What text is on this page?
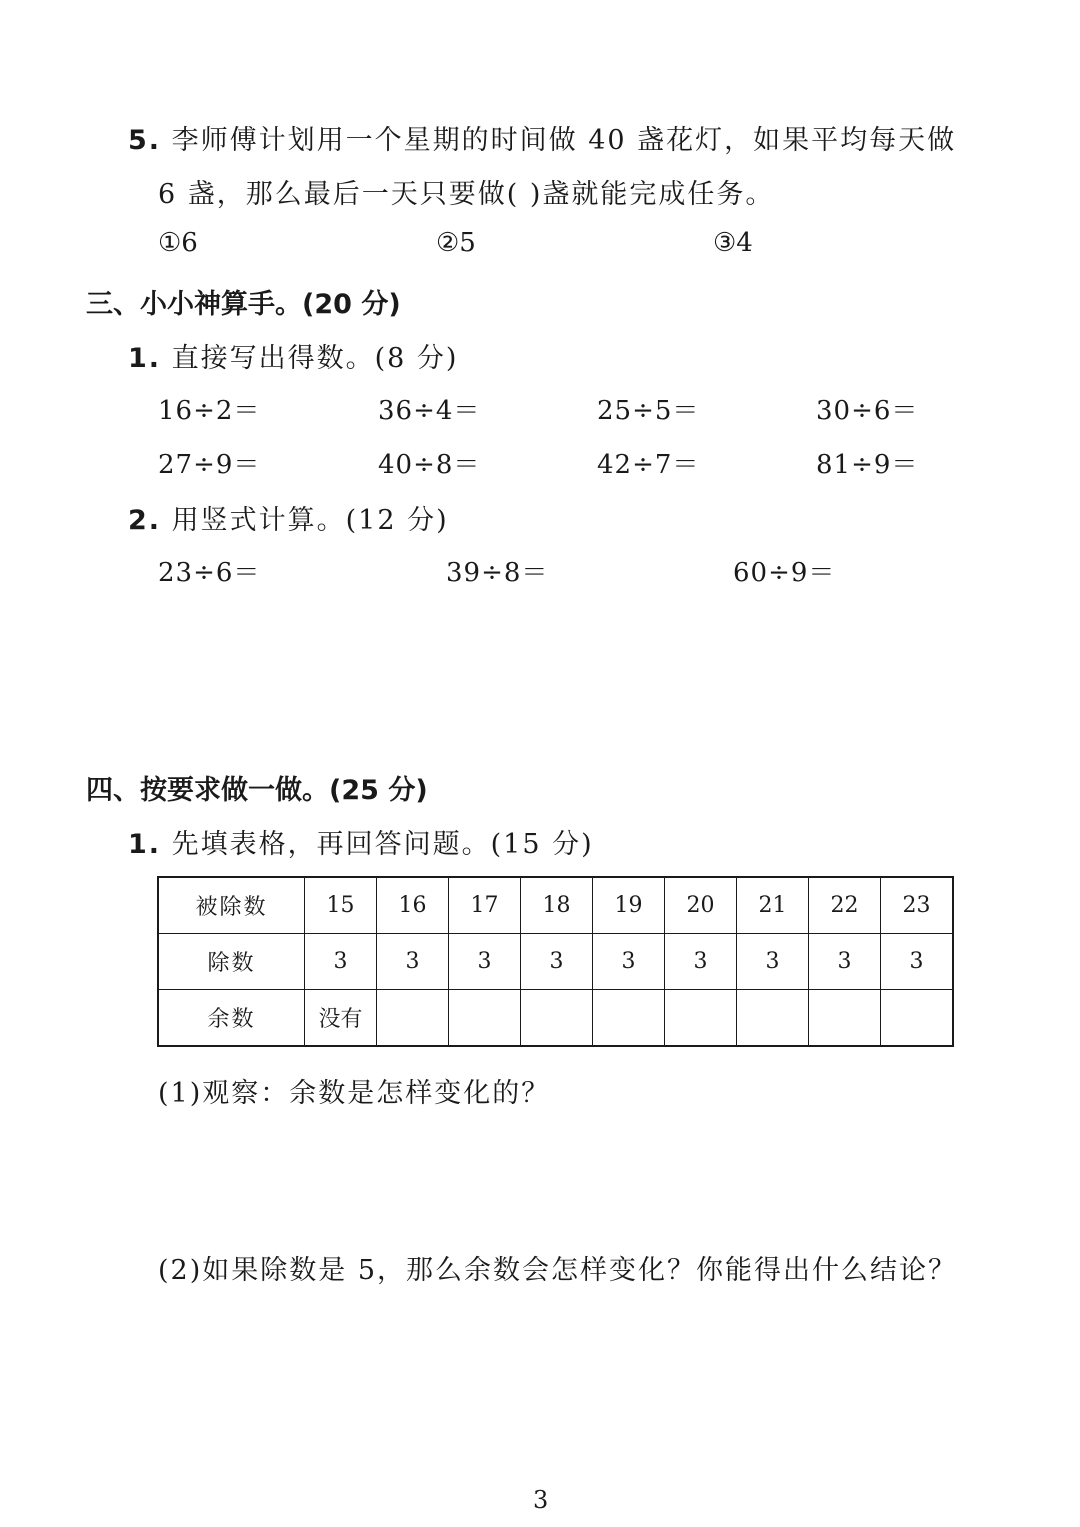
5. 李师傅计划用一个星期的时间做 40 盏花灯，如果平均每天做
6 盏，那么最后一天只要做( )盏就能完成任务。
①6	②5	③4
三、小小神算手。(20 分)
1. 直接写出得数。(8 分)
16÷2＝	36÷4＝	25÷5＝	30÷6＝
27÷9＝	40÷8＝	42÷7＝	81÷9＝
2. 用竖式计算。(12 分)
23÷6＝	39÷8＝	60÷9＝
四、按要求做一做。(25 分)
1. 先填表格，再回答问题。(15 分)
被除数	15	16	17	18	19	20	21	22	23
除数	3	3	3	3	3	3	3	3	3
余数	没有								
(1)观察：余数是怎样变化的？
(2)如果除数是 5，那么余数会怎样变化？你能得出什么结论？
3
